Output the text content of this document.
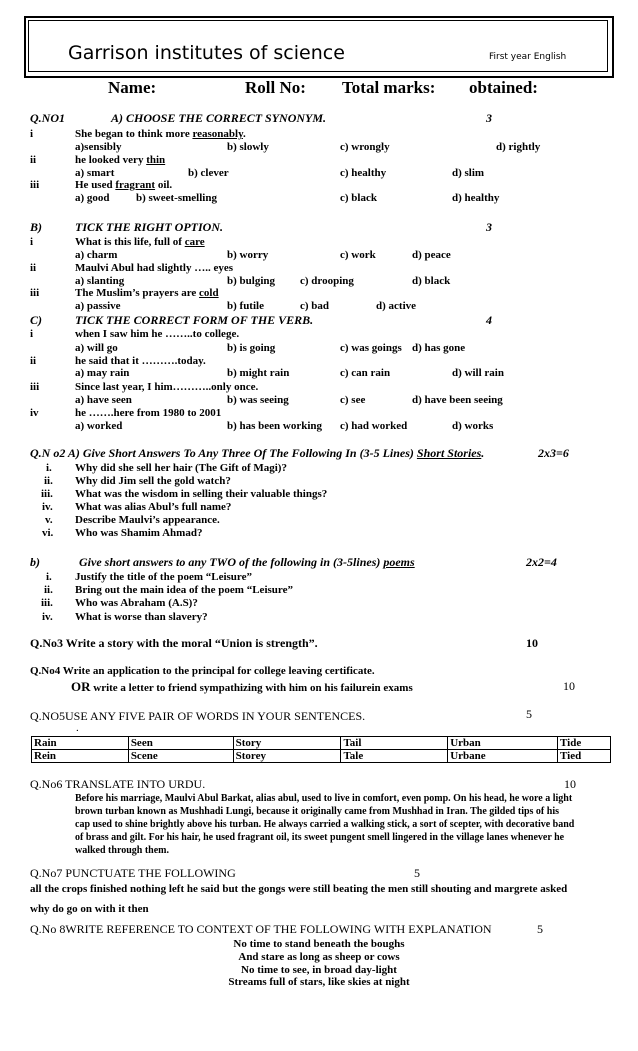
Garrison institutes of science	First year English
Name:	Roll No: Total marks: obtained:
Q.NO1	A) CHOOSE THE CORRECT SYNONYM.	3
i	She began to think more reasonably.
a)sensibly	b) slowly	c) wrongly	d) rightly
ii	he looked very thin
a) smart	b) clever	c) healthy	d) slim
iii	He used fragrant oil.
a) good b) sweet-smelling	c) black	d) healthy
B)	TICK THE RIGHT OPTION.	3
i	What is this life, full of care
a) charm	b) worry	c) work	d) peace
ii	Maulvi Abul had slightly ….. eyes
a) slanting	b) bulging c) drooping	d) black
iii	The Muslim’s prayers are cold
a) passive	b) futile	c) bad	d) active
C)	TICK THE CORRECT FORM OF THE VERB.	4
i	when I saw him he ……..to college.
a) will go	b) is going	c) was goings d) has gone
ii	he said that it ……….today.
a) may rain	b) might rain	c) can rain	d) will rain
iii	Since last year, I him………..only once.
a) have seen	b) was seeing	c) see	d) have been seeing
iv	he …….here from 1980 to 2001
a) worked	b) has been working c) had worked	d) works
Q.N o2 A) Give Short Answers To Any Three Of The Following In (3-5 Lines) Short Stories.	2x3=6
i. Why did she sell her hair (The Gift of Magi)?
ii. Why did Jim sell the gold watch?
iii. What was the wisdom in selling their valuable things?
iv. What was alias Abul’s full name?
v. Describe Maulvi’s appearance.
vi. Who was Shamim Ahmad?
b)	Give short answers to any TWO of the following in (3-5lines) poems	2x2=4
i. Justify the title of the poem “Leisure”
ii. Bring out the main idea of the poem “Leisure”
iii. Who was Abraham (A.S)?
iv. What is worse than slavery?
Q.No3 Write a story with the moral “Union is strength”.	10
Q.No4 Write an application to the principal for college leaving certificate.
OR write a letter to friend sympathizing with him on his failurein exams	10
Q.NO5USE ANY FIVE PAIR OF WORDS IN YOUR SENTENCES.	5
.
Rain	Seen	Story	Tail	Urban	Tide
Rein	Scene	Storey	Tale	Urbane	Tied
Q.No6 TRANSLATE INTO URDU.	10
Before his marriage, Maulvi Abul Barkat, alias abul, used to live in comfort, even pomp. On his head, he wore a light
brown turban known as Mushhadi Lungi, because it originally came from Mushhad in Iran. The gilded tips of his
cap used to shine brightly above his turban. He always carried a walking stick, a sort of scepter, with decorative band
of brass and gilt. For his hair, he used fragrant oil, its sweet pungent smell lingered in the village lanes whenever he
walked through them.
Q.No7 PUNCTUATE THE FOLLOWING	5
all the crops finished nothing left he said but the gongs were still beating the men still shouting and margrete asked
why do go on with it then
Q.No 8WRITE REFERENCE TO CONTEXT OF THE FOLLOWING WITH EXPLANATION	5
No time to stand beneath the boughs
And stare as long as sheep or cows
No time to see, in broad day-light
Streams full of stars, like skies at night
